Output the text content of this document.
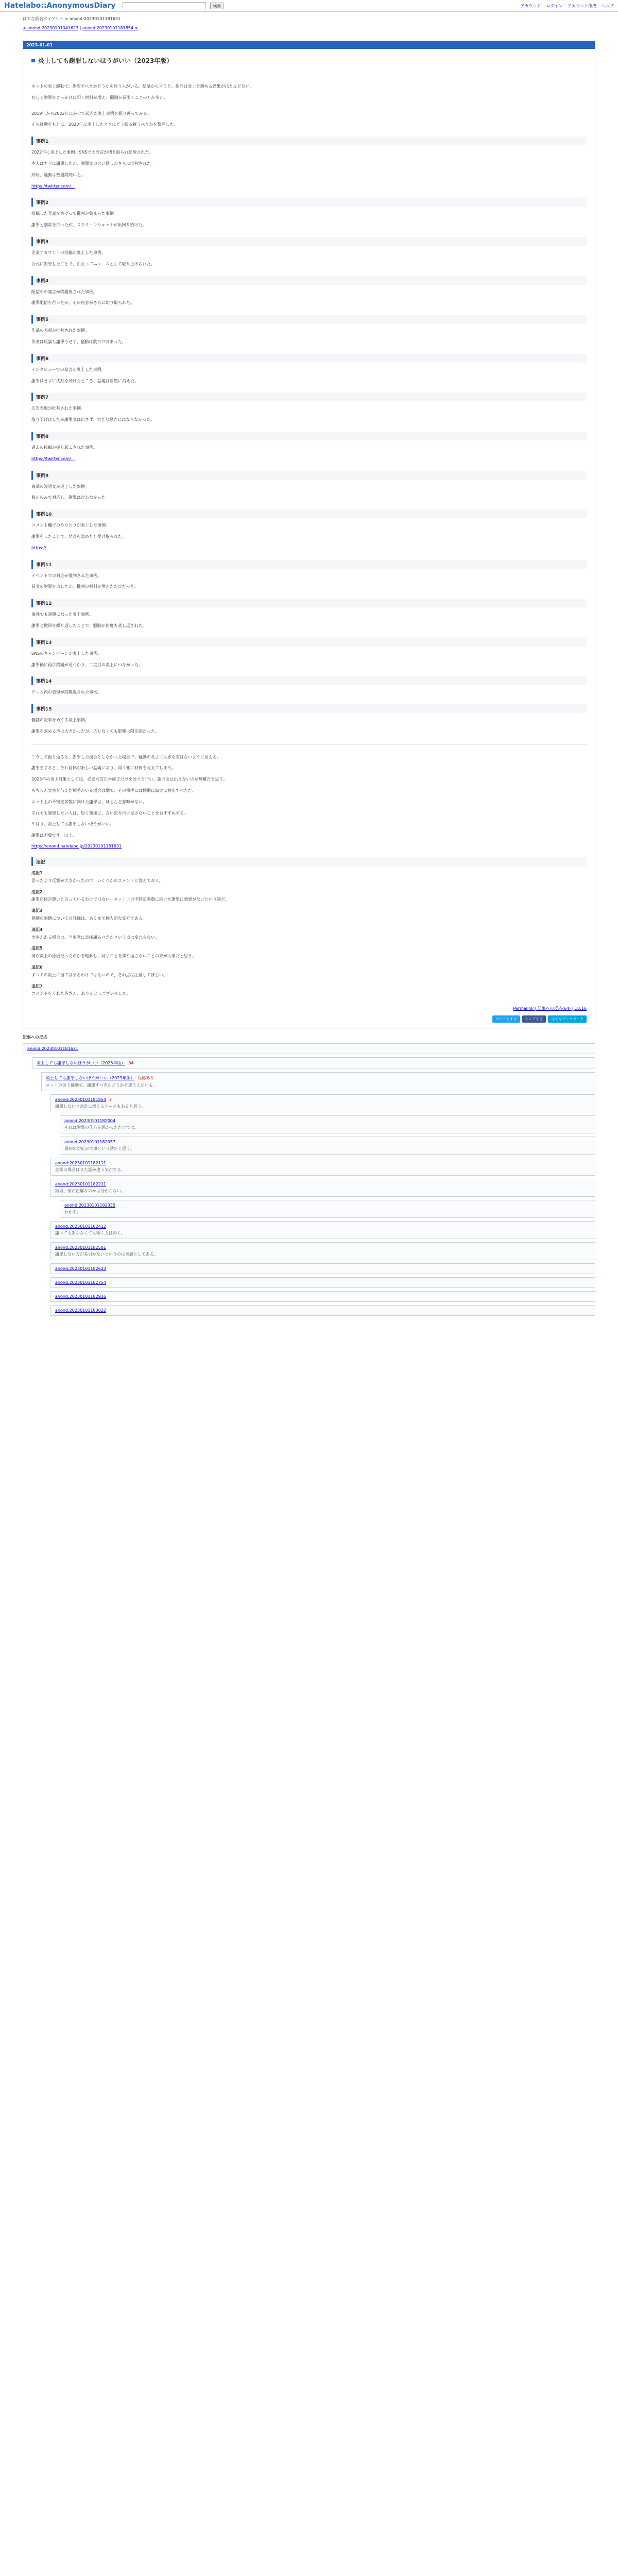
Hatelabo::AnonymousDiary	検索	アカウント ログイン アカウント作成 ヘルプ
はてな匿名ダイアリー > anond:20230101181631
< anond:20230101041623 | anond:20230101181854 >
2023-01-01
炎上しても謝罪しないほうがいい（2023年版）

ネットの炎上騒動で、謝罪すべきかどうかを迷う人がいる。結論から言うと、謝罪は炎上を鎮める効果がほとんどない。

むしろ謝罪をきっかけに叩く材料が増え、騒動が長引くことの方が多い。

2019年から2022年にかけて起きた炎上事例を振り返ってみる。

その経験をもとに、2023年に炎上したときにどう振る舞うべきかを整理した。

事例1

2022年に炎上した事例。SNSでの発言が切り取られ拡散された。

本人はすぐに謝罪したが、謝罪文の言い回しがさらに批判された。

結局、騒動は数週間続いた。

https://twitter.com/...

事例2

投稿した写真をめぐって批判が集まった事例。

謝罪と削除を行ったが、スクリーンショットが出回り続けた。

事例3

企業アカウントの投稿が炎上した事例。

公式に謝罪したことで、かえってニュースとして取り上げられた。

事例4

配信中の発言が問題視された事例。

謝罪配信を行ったが、その内容がさらに切り取られた。

事例5

作品の表現が批判された事例。

作者は反論も謝罪もせず、騒動は数日で収まった。

事例6

インタビューでの発言が炎上した事例。

謝罪はせずに沈黙を続けたところ、話題は自然に消えた。

事例7

広告表現が批判された事例。

取り下げはしたが謝罪文は出さず、大きな騒ぎにはならなかった。

事例8

過去の投稿が掘り起こされた事例。

https://twitter.com/...

事例9

商品の説明文が炎上した事例。

修正のみで対応し、謝罪は行わなかった。

事例10

コメント欄でのやりとりが炎上した事例。

謝罪をしたことで、発言を認めたと受け取られた。

https://...

事例11

イベントでの対応が批判された事例。

長文の謝罪を出したが、批判の材料が増えただけだった。

事例12

海外でも話題になった炎上事例。

謝罪と撤回を繰り返したことで、騒動が何度も蒸し返された。

事例13

SNSのキャンペーンが炎上した事例。

謝罪後に再び問題が見つかり、二度目の炎上につながった。

事例14

ゲーム内の表現が問題視された事例。

事例15

雑誌の記事をめぐる炎上事例。

謝罪を求める声は大きかったが、応じなくても影響は限定的だった。

こうして振り返ると、謝罪した場合としなかった場合で、騒動の長さに大きな差はないように見える。

謝罪をすると、それ自体が新しい話題になり、叩く側に材料を与えてしまう。

2023年の炎上対策としては、必要な訂正や修正だけを淡々と行い、謝罪文は出さないのが無難だと思う。

もちろん実害を与えた相手がいる場合は別で、その相手には個別に誠実に対応すべきだ。

ネット上の不特定多数に向けた謝罪は、ほとんど意味がない。

それでも謝罪したい人は、短く簡潔に、言い訳を付け足さないことをおすすめする。

やはり、炎上しても謝罪しないほうがいい。

謝罪は不要です。以上。

https://anond.hatelabo.jp/20230101181631
追記

追記1

思ったより反響が大きかったので、いくつかのコメントに答えておく。

追記2

謝罪自体が悪いと言っているわけではない。ネット上の不特定多数に向けた謝罪に効果がないという話だ。

追記3

個別の事例についての評価は、あくまで個人的な見方である。

追記4

実害がある場合は、当事者に直接謝るべきだという点は変わらない。

追記5

何が炎上の原因だったのかを理解し、同じことを繰り返さないことの方が大事だと思う。

追記6

すべての炎上に当てはまるわけではないので、その点は注意してほしい。

追記7

コメントをくれた皆さん、ありがとうございました。

Permalink | 記事への反応(64) | 18:16
ツイートする	シェアする	はてなブックマーク
記事への反応
anond:20230101181631
炎上しても謝罪しないほうがいい（2023年版） 64
炎上しても謝罪しないほうがいい（2023年版） 反応あり

ネットの炎上騒動で、謝罪すべきかどうかを迷う人がいる。

anond:20230101181854 2

謝罪しないと余計に燃えるケースもあると思う。

anond:20230101182004

それは謝罪の仕方が悪かっただけでは。

anond:20230101182057

最初の対応が大事という話だと思う。

anond:20230101182111

企業の場合はまた話が違う気がする。

anond:20230101182211

結局、何が正解なのかは分からない。

anond:20230101182335

わかる。

anond:20230101182412

謝っても謝らなくても叩く人は叩く。

anond:20230101182501

謝罪しない方が長引かないというのは実感としてある。

anond:20230101182633
anond:20230101182754
anond:20230101182916
anond:20230101183022
